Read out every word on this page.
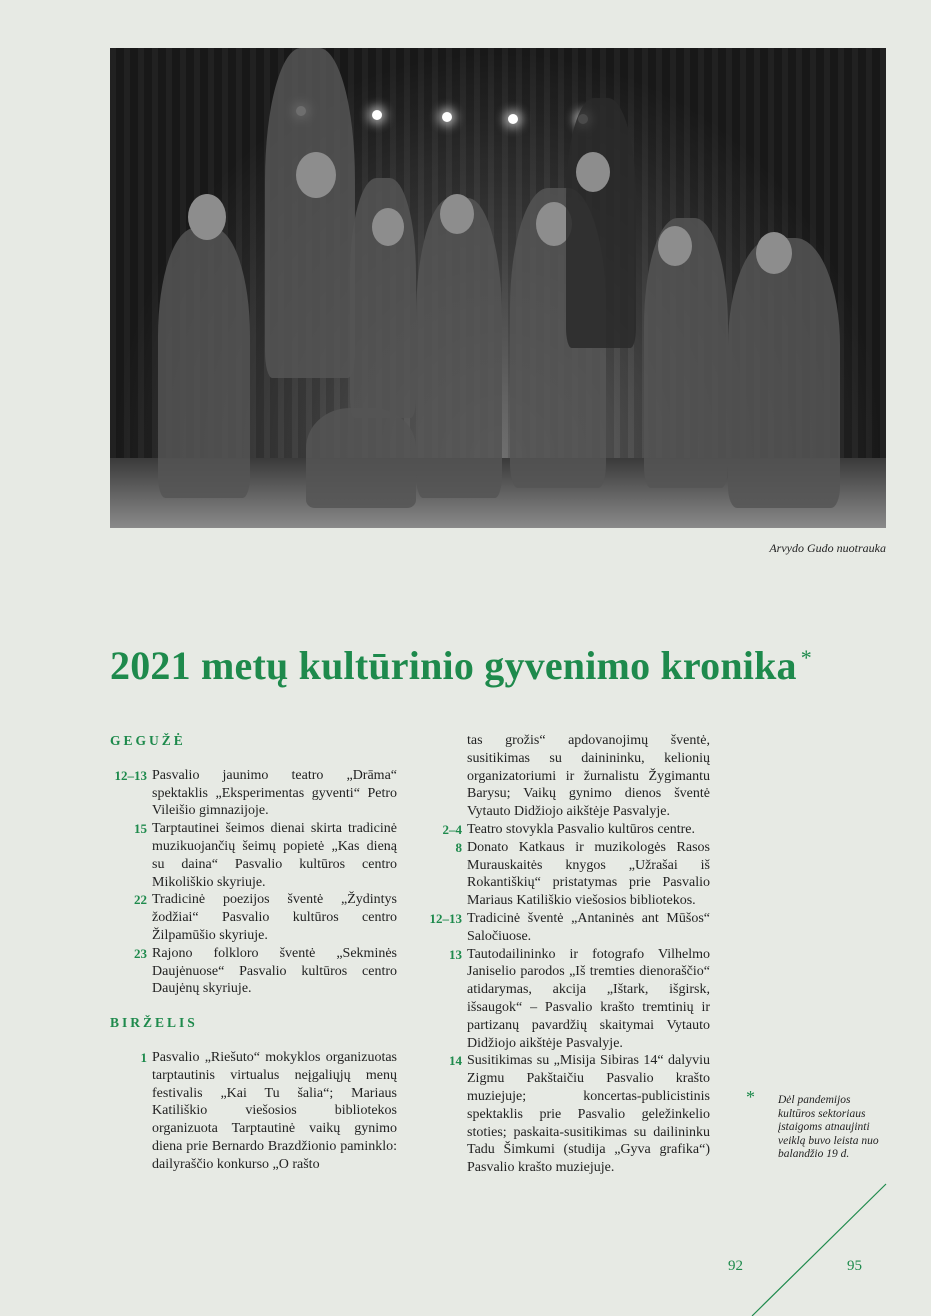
Arvydo Gudo nuotrauka
2021 metų kultūrinio gyvenimo kronika *

GEGUŽĖ

12–13 Pasvalio jaunimo teatro „Drāma“ spektaklis „Eksperimentas gyventi“ Petro Vileišio gimnazijoje.
15 Tarptautinei šeimos dienai skirta tradicinė muzikuojančių šeimų popietė „Kas dieną su daina“ Pasvalio kultūros centro Mikoliškio skyriuje.
22 Tradicinė poezijos šventė „Žydintys žodžiai“ Pasvalio kultūros centro Žilpamūšio skyriuje.
23 Rajono folkloro šventė „Sekminės Daujėnuose“ Pasvalio kultūros centro Daujėnų skyriuje.

BIRŽELIS

1 Pasvalio „Riešuto“ mokyklos organizuotas tarptautinis virtualus neįgaliųjų menų festivalis „Kai Tu šalia“; Mariaus Katiliškio viešosios bibliotekos organizuota Tarptautinė vaikų gynimo diena prie Bernardo Brazdžionio paminklo: dailyraščio konkurso „O rašto

tas grožis“ apdovanojimų šventė, susitikimas su dainininku, kelionių organizatoriumi ir žurnalistu Žygimantu Barysu; Vaikų gynimo dienos šventė Vytauto Didžiojo aikštėje Pasvalyje.

2–4 Teatro stovykla Pasvalio kultūros centre.
8 Donato Katkaus ir muzikologės Rasos Murauskaitės knygos „Užrašai iš Rokantiškių“ pristatymas prie Pasvalio Mariaus Katiliškio viešosios bibliotekos.
12–13 Tradicinė šventė „Antaninės ant Mūšos“ Saločiuose.
13 Tautodailininko ir fotografo Vilhelmo Janiselio parodos „Iš tremties dienoraščio“ atidarymas, akcija „Ištark, išgirsk, išsaugok“ – Pasvalio krašto tremtinių ir partizanų pavardžių skaitymai Vytauto Didžiojo aikštėje Pasvalyje.
14 Susitikimas su „Misija Sibiras 14“ dalyviu Zigmu Pakštaičiu Pasvalio krašto muziejuje; koncertas-publicistinis spektaklis prie Pasvalio geležinkelio stoties; paskaita-susitikimas su dailininku Tadu Šimkumi (studija „Gyva grafika“) Pasvalio krašto muziejuje.
* Dėl pandemijos kultūros sektoriaus įstaigoms atnaujinti veiklą buvo leista nuo balandžio 19 d.
92	95
